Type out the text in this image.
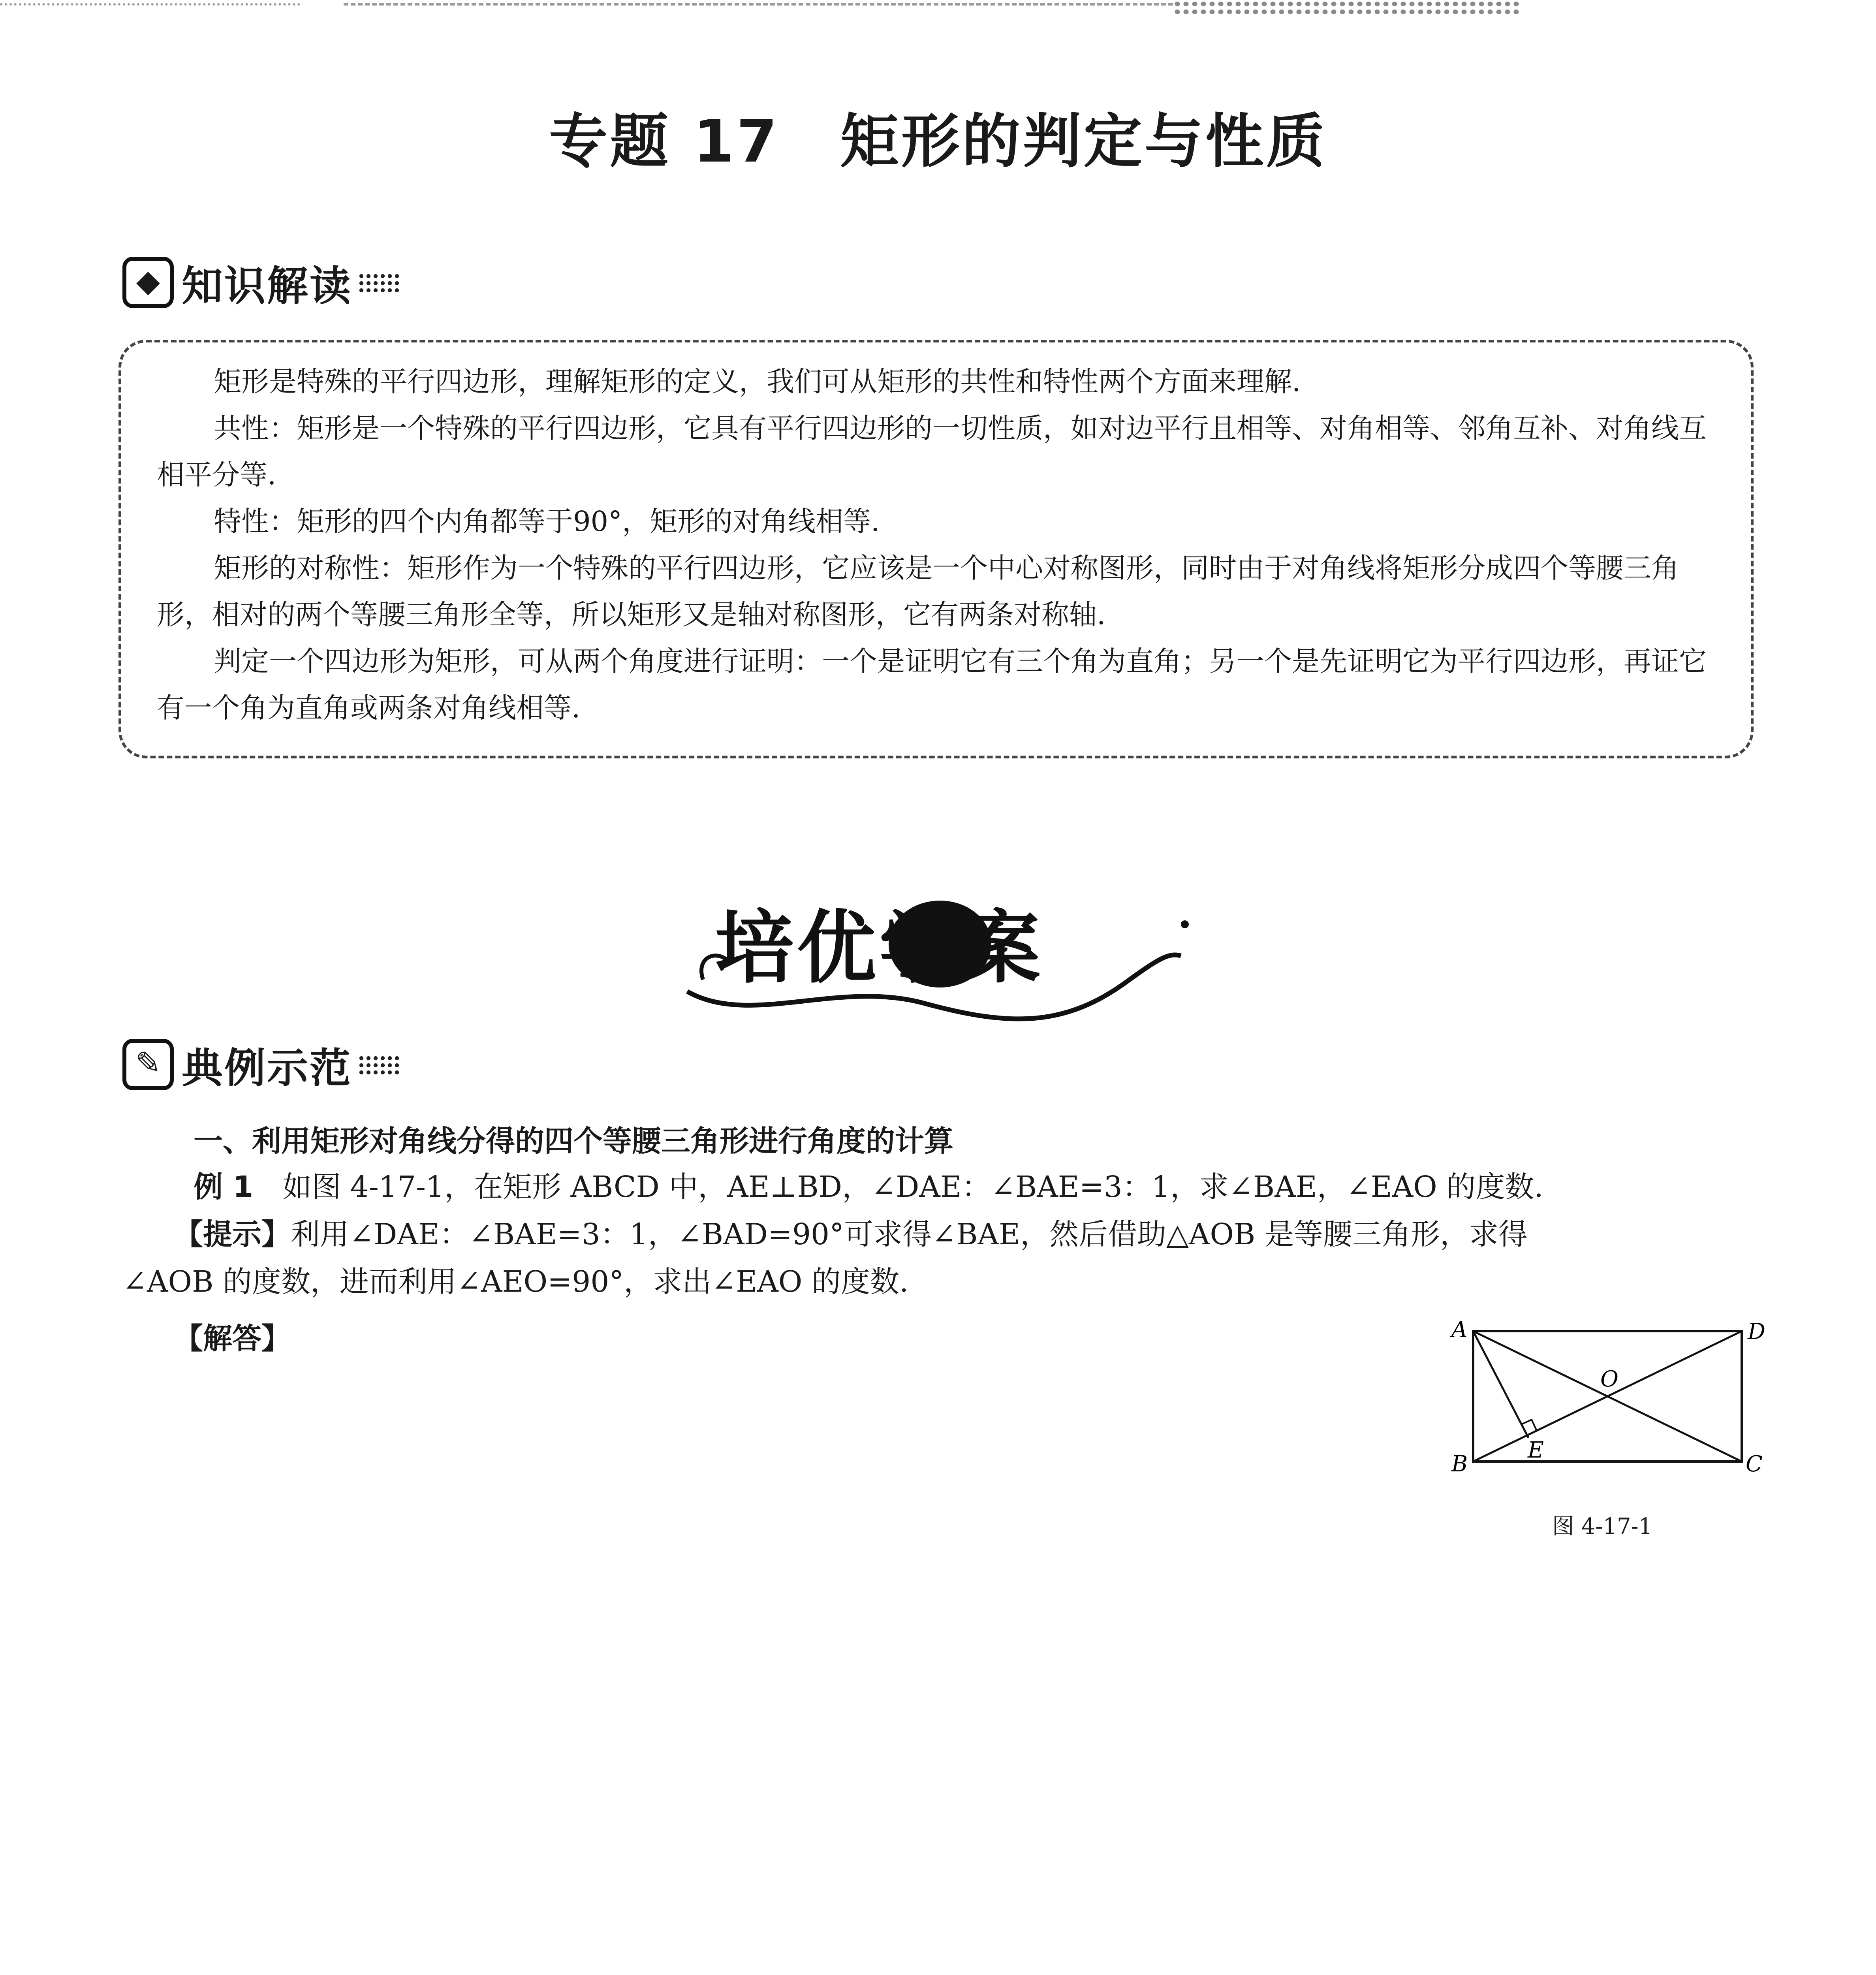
专题 17　矩形的判定与性质
◆ 知识解读

矩形是特殊的平行四边形，理解矩形的定义，我们可从矩形的共性和特性两个方面来理解.

共性：矩形是一个特殊的平行四边形，它具有平行四边形的一切性质，如对边平行且相等、对角相等、邻角互补、对角线互相平分等.

特性：矩形的四个内角都等于90°，矩形的对角线相等.

矩形的对称性：矩形作为一个特殊的平行四边形，它应该是一个中心对称图形，同时由于对角线将矩形分成四个等腰三角形，相对的两个等腰三角形全等，所以矩形又是轴对称图形，它有两条对称轴.

判定一个四边形为矩形，可从两个角度进行证明：一个是证明它有三个角为直角；另一个是先证明它为平行四边形，再证它有一个角为直角或两条对角线相等.

培优学案
✎ 典例示范
一、利用矩形对角线分得的四个等腰三角形进行角度的计算
例 1　 如图 4-17-1，在矩形 ABCD 中，AE⊥BD，∠DAE：∠BAE=3：1，求∠BAE，∠EAO 的度数.
【提示】利用∠DAE：∠BAE=3：1，∠BAD=90°可求得∠BAE，然后借助△AOB 是等腰三角形，求得
∠AOB 的度数，进而利用∠AEO=90°，求出∠EAO 的度数.
【解答】	A
B	C
D
O
E
图 4-17-1
